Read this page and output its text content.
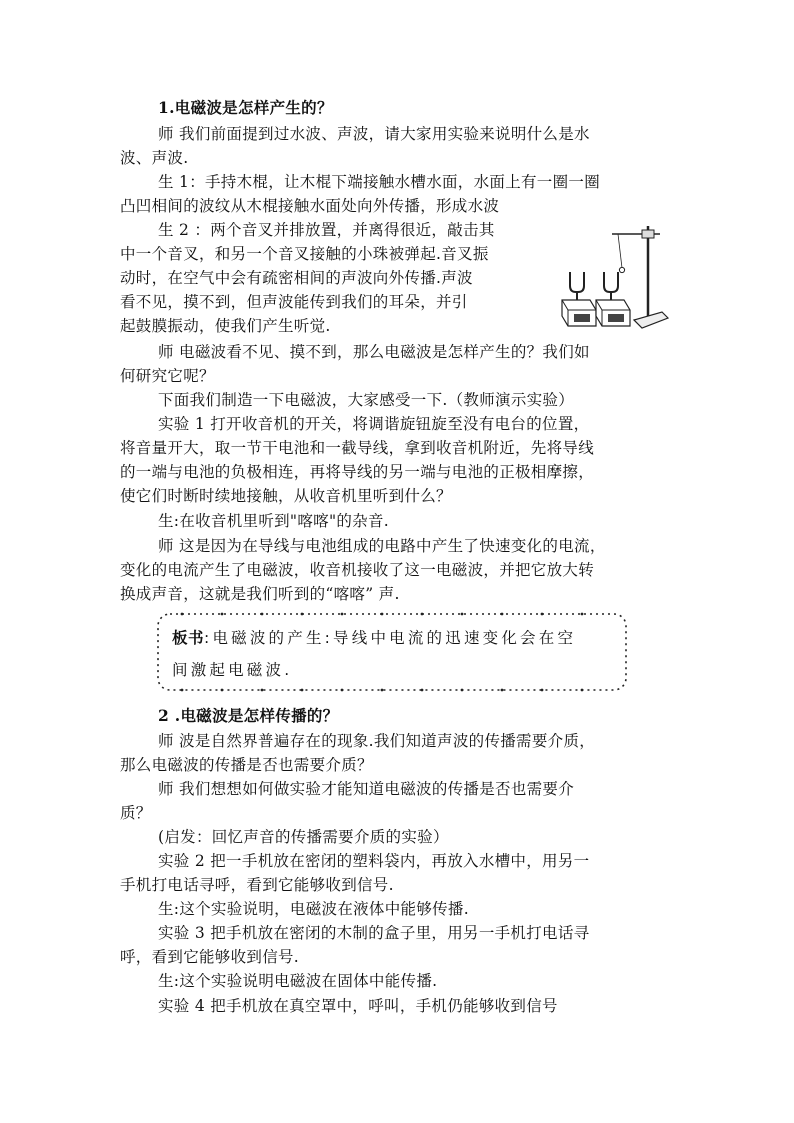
1.电磁波是怎样产生的？
师 我们前面提到过水波、声波，请大家用实验来说明什么是水
波、声波.
生 1：手持木棍，让木棍下端接触水槽水面，水面上有一圈一圈
凸凹相间的波纹从木棍接触水面处向外传播，形成水波
生 2 ：两个音叉并排放置，并离得很近，敲击其
中一个音叉，和另一个音叉接触的小珠被弹起.音叉振
动时，在空气中会有疏密相间的声波向外传播.声波
看不见，摸不到，但声波能传到我们的耳朵，并引
起鼓膜振动，使我们产生听觉.
师 电磁波看不见、摸不到，那么电磁波是怎样产生的？我们如
何研究它呢？
下面我们制造一下电磁波，大家感受一下.（教师演示实验）
实验 1 打开收音机的开关，将调谐旋钮旋至没有电台的位置，
将音量开大，取一节干电池和一截导线，拿到收音机附近，先将导线
的一端与电池的负极相连，再将导线的另一端与电池的正极相摩擦，
使它们时断时续地接触，从收音机里听到什么？
生:在收音机里听到"喀喀"的杂音.
师 这是因为在导线与电池组成的电路中产生了快速变化的电流，
变化的电流产生了电磁波，收音机接收了这一电磁波，并把它放大转
换成声音，这就是我们听到的“喀喀” 声.
板书:电磁波的产生:导线中电流的迅速变化会在空
间激起电磁波.
2 .电磁波是怎样传播的？
师 波是自然界普遍存在的现象.我们知道声波的传播需要介质，
那么电磁波的传播是否也需要介质？
师 我们想想如何做实验才能知道电磁波的传播是否也需要介
质？
(启发：回忆声音的传播需要介质的实验）
实验 2 把一手机放在密闭的塑料袋内，再放入水槽中，用另一
手机打电话寻呼，看到它能够收到信号.
生:这个实验说明，电磁波在液体中能够传播.
实验 3 把手机放在密闭的木制的盒子里，用另一手机打电话寻
呼，看到它能够收到信号.
生:这个实验说明电磁波在固体中能传播.
实验 4 把手机放在真空罩中，呼叫，手机仍能够收到信号
